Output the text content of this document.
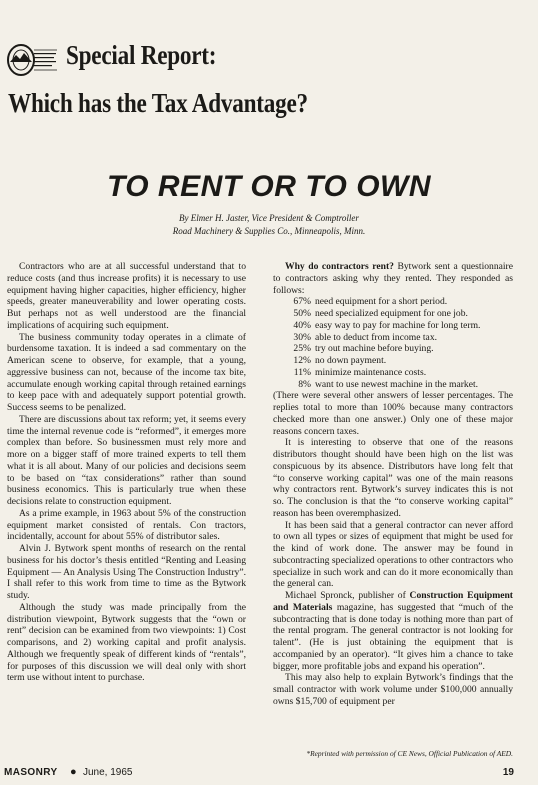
Special Report:
Which has the Tax Advantage?
TO RENT OR TO OWN
By Elmer H. Jaster, Vice President & Comptroller
Road Machinery & Supplies Co., Minneapolis, Minn.

Contractors who are at all successful understand that to reduce costs (and thus increase profits) it is necessary to use equipment having higher capacities, higher efficiency, higher speeds, greater maneuverability and lower operating costs. But perhaps not as well understood are the financial implications of acquiring such equipment.

The business community today operates in a climate of burdensome taxation. It is indeed a sad commentary on the American scene to observe, for example, that a young, aggressive business can not, because of the income tax bite, accumulate enough working capital through retained earnings to keep pace with and adequately support potential growth. Success seems to be penalized.

There are discussions about tax reform; yet, it seems every time the internal revenue code is “reformed”, it emerges more complex than before. So businessmen must rely more and more on a bigger staff of more trained experts to tell them what it is all about. Many of our policies and decisions seem to be based on “tax considerations” rather than sound business economics. This is particularly true when these decisions relate to construction equipment.

As a prime example, in 1963 about 5% of the construction equipment market consisted of rentals. Con tractors, incidentally, account for about 55% of distributor sales.

Alvin J. Bytwork spent months of research on the rental business for his doctor’s thesis entitled “Renting and Leasing Equipment — An Analysis Using The Construction Industry”. I shall refer to this work from time to time as the Bytwork study.

Although the study was made principally from the distribution viewpoint, Bytwork suggests that the “own or rent” decision can be examined from two viewpoints: 1) Cost comparisons, and 2) working capital and profit analysis. Although we frequently speak of different kinds of “rentals”, for purposes of this discussion we will deal only with short term use without intent to purchase.

Why do contractors rent? Bytwork sent a questionnaire to contractors asking why they rented. They responded as follows:

67% need equipment for a short period.
50% need specialized equipment for one job.
40% easy way to pay for machine for long term.
30% able to deduct from income tax.
25% try out machine before buying.
12% no down payment.
11% minimize maintenance costs.
8% want to use newest machine in the market.

(There were several other answers of lesser percentages. The replies total to more than 100% because many contractors checked more than one answer.) Only one of these major reasons concern taxes.

It is interesting to observe that one of the reasons distributors thought should have been high on the list was conspicuous by its absence. Distributors have long felt that “to conserve working capital” was one of the main reasons why contractors rent. Bytwork’s survey indicates this is not so. The conclusion is that the “to conserve working capital” reason has been overemphasized.

It has been said that a general contractor can never afford to own all types or sizes of equipment that might be used for the kind of work done. The answer may be found in subcontracting specialized operations to other contractors who specialize in such work and can do it more economically than the general can.

Michael Spronck, publisher of Construction Equipment and Materials magazine, has suggested that “much of the subcontracting that is done today is nothing more than part of the rental program. The general contractor is not looking for talent”. (He is just obtaining the equipment that is accompanied by an operator). “It gives him a chance to take bigger, more profitable jobs and expand his operation”.

This may also help to explain Bytwork’s findings that the small contractor with work volume under $100,000 annually owns $15,700 of equipment per

*Reprinted with permission of CE News, Official Publication of AED.
MASONRY ● June, 1965	19
